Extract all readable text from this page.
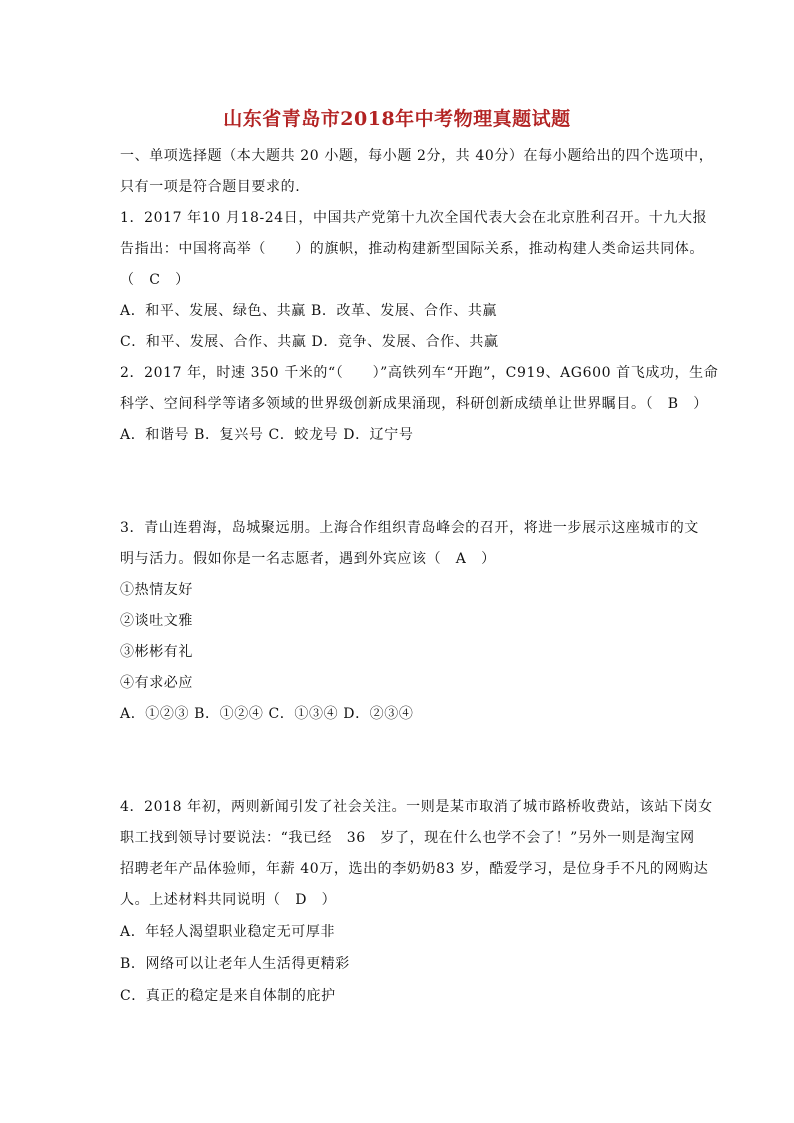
山东省青岛市2018年中考物理真题试题
一、单项选择题（本大题共 20 小题，每小题 2分，共 40分）在每小题给出的四个选项中，
只有一项是符合题目要求的.
1．2017 年10 月18-24日，中国共产党第十九次全国代表大会在北京胜利召开。十九大报
告指出：中国将高举（　　）的旗帜，推动构建新型国际关系，推动构建人类命运共同体。
（　C　）
A．和平、发展、绿色、共赢 B．改革、发展、合作、共赢
C．和平、发展、合作、共赢 D．竞争、发展、合作、共赢
2．2017 年，时速 350 千米的“（　　）”高铁列车“开跑”，C919、AG600 首飞成功，生命
科学、空间科学等诸多领域的世界级创新成果涌现，科研创新成绩单让世界瞩目。（　B　）
A．和谐号 B．复兴号 C．蛟龙号 D．辽宁号
3．青山连碧海，岛城聚远朋。上海合作组织青岛峰会的召开，将进一步展示这座城市的文
明与活力。假如你是一名志愿者，遇到外宾应该（　A　）
①热情友好
②谈吐文雅
③彬彬有礼
④有求必应
A．①②③ B．①②④ C．①③④ D．②③④
4．2018 年初，两则新闻引发了社会关注。一则是某市取消了城市路桥收费站，该站下岗女
职工找到领导讨要说法：“我已经　36　岁了，现在什么也学不会了！”另外一则是淘宝网
招聘老年产品体验师，年薪 40万，选出的李奶奶83 岁，酷爱学习，是位身手不凡的网购达
人。上述材料共同说明（　D　）
A．年轻人渴望职业稳定无可厚非
B．网络可以让老年人生活得更精彩
C．真正的稳定是来自体制的庇护
